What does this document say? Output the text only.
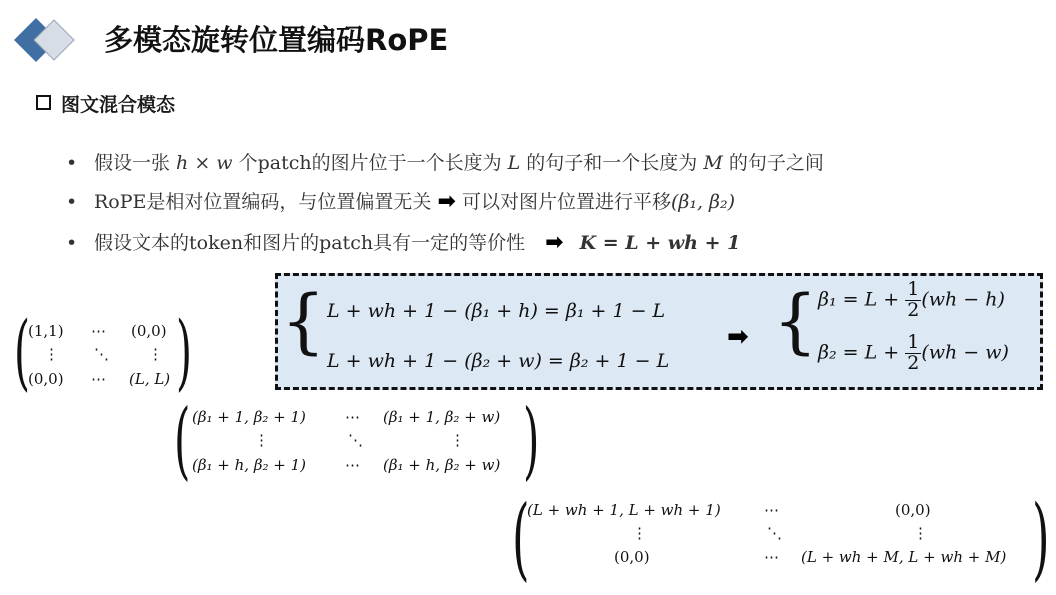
多模态旋转位置编码RoPE
图文混合模态
• 假设一张 h × w 个patch的图片位于一个长度为 L 的句子和一个长度为 M 的句子之间
• RoPE是相对位置编码，与位置偏置无关 ➡ 可以对图片位置进行平移(β₁, β₂)
• 假设文本的token和图片的patch具有一定的等价性 ➡ K = L + wh + 1
{ L + wh + 1 − (β₁ + h) = β₁ + 1 − L
L + wh + 1 − (β₂ + w) = β₂ + 1 − L
➡ { $\beta_1 = L + \frac{1}{2} (wh - h)$
$\beta_2 = L + \frac{1}{2} (wh - w)$
( )
(1,1) ⋯ (0,0)
⋮ ⋱	⋮
(0,0) ⋯ (L, L)
(	)
(β₁ + 1, β₂ + 1)	⋯ (β₁ + 1, β₂ + w)
⋮	⋱	⋮
(β₁ + h, β₂ + 1)	⋯ (β₁ + h, β₂ + w)
(	)
(L + wh + 1, L + wh + 1)	⋯	(0,0)
⋮	⋱	⋮
(0,0)	⋯ (L + wh + M, L + wh + M)
